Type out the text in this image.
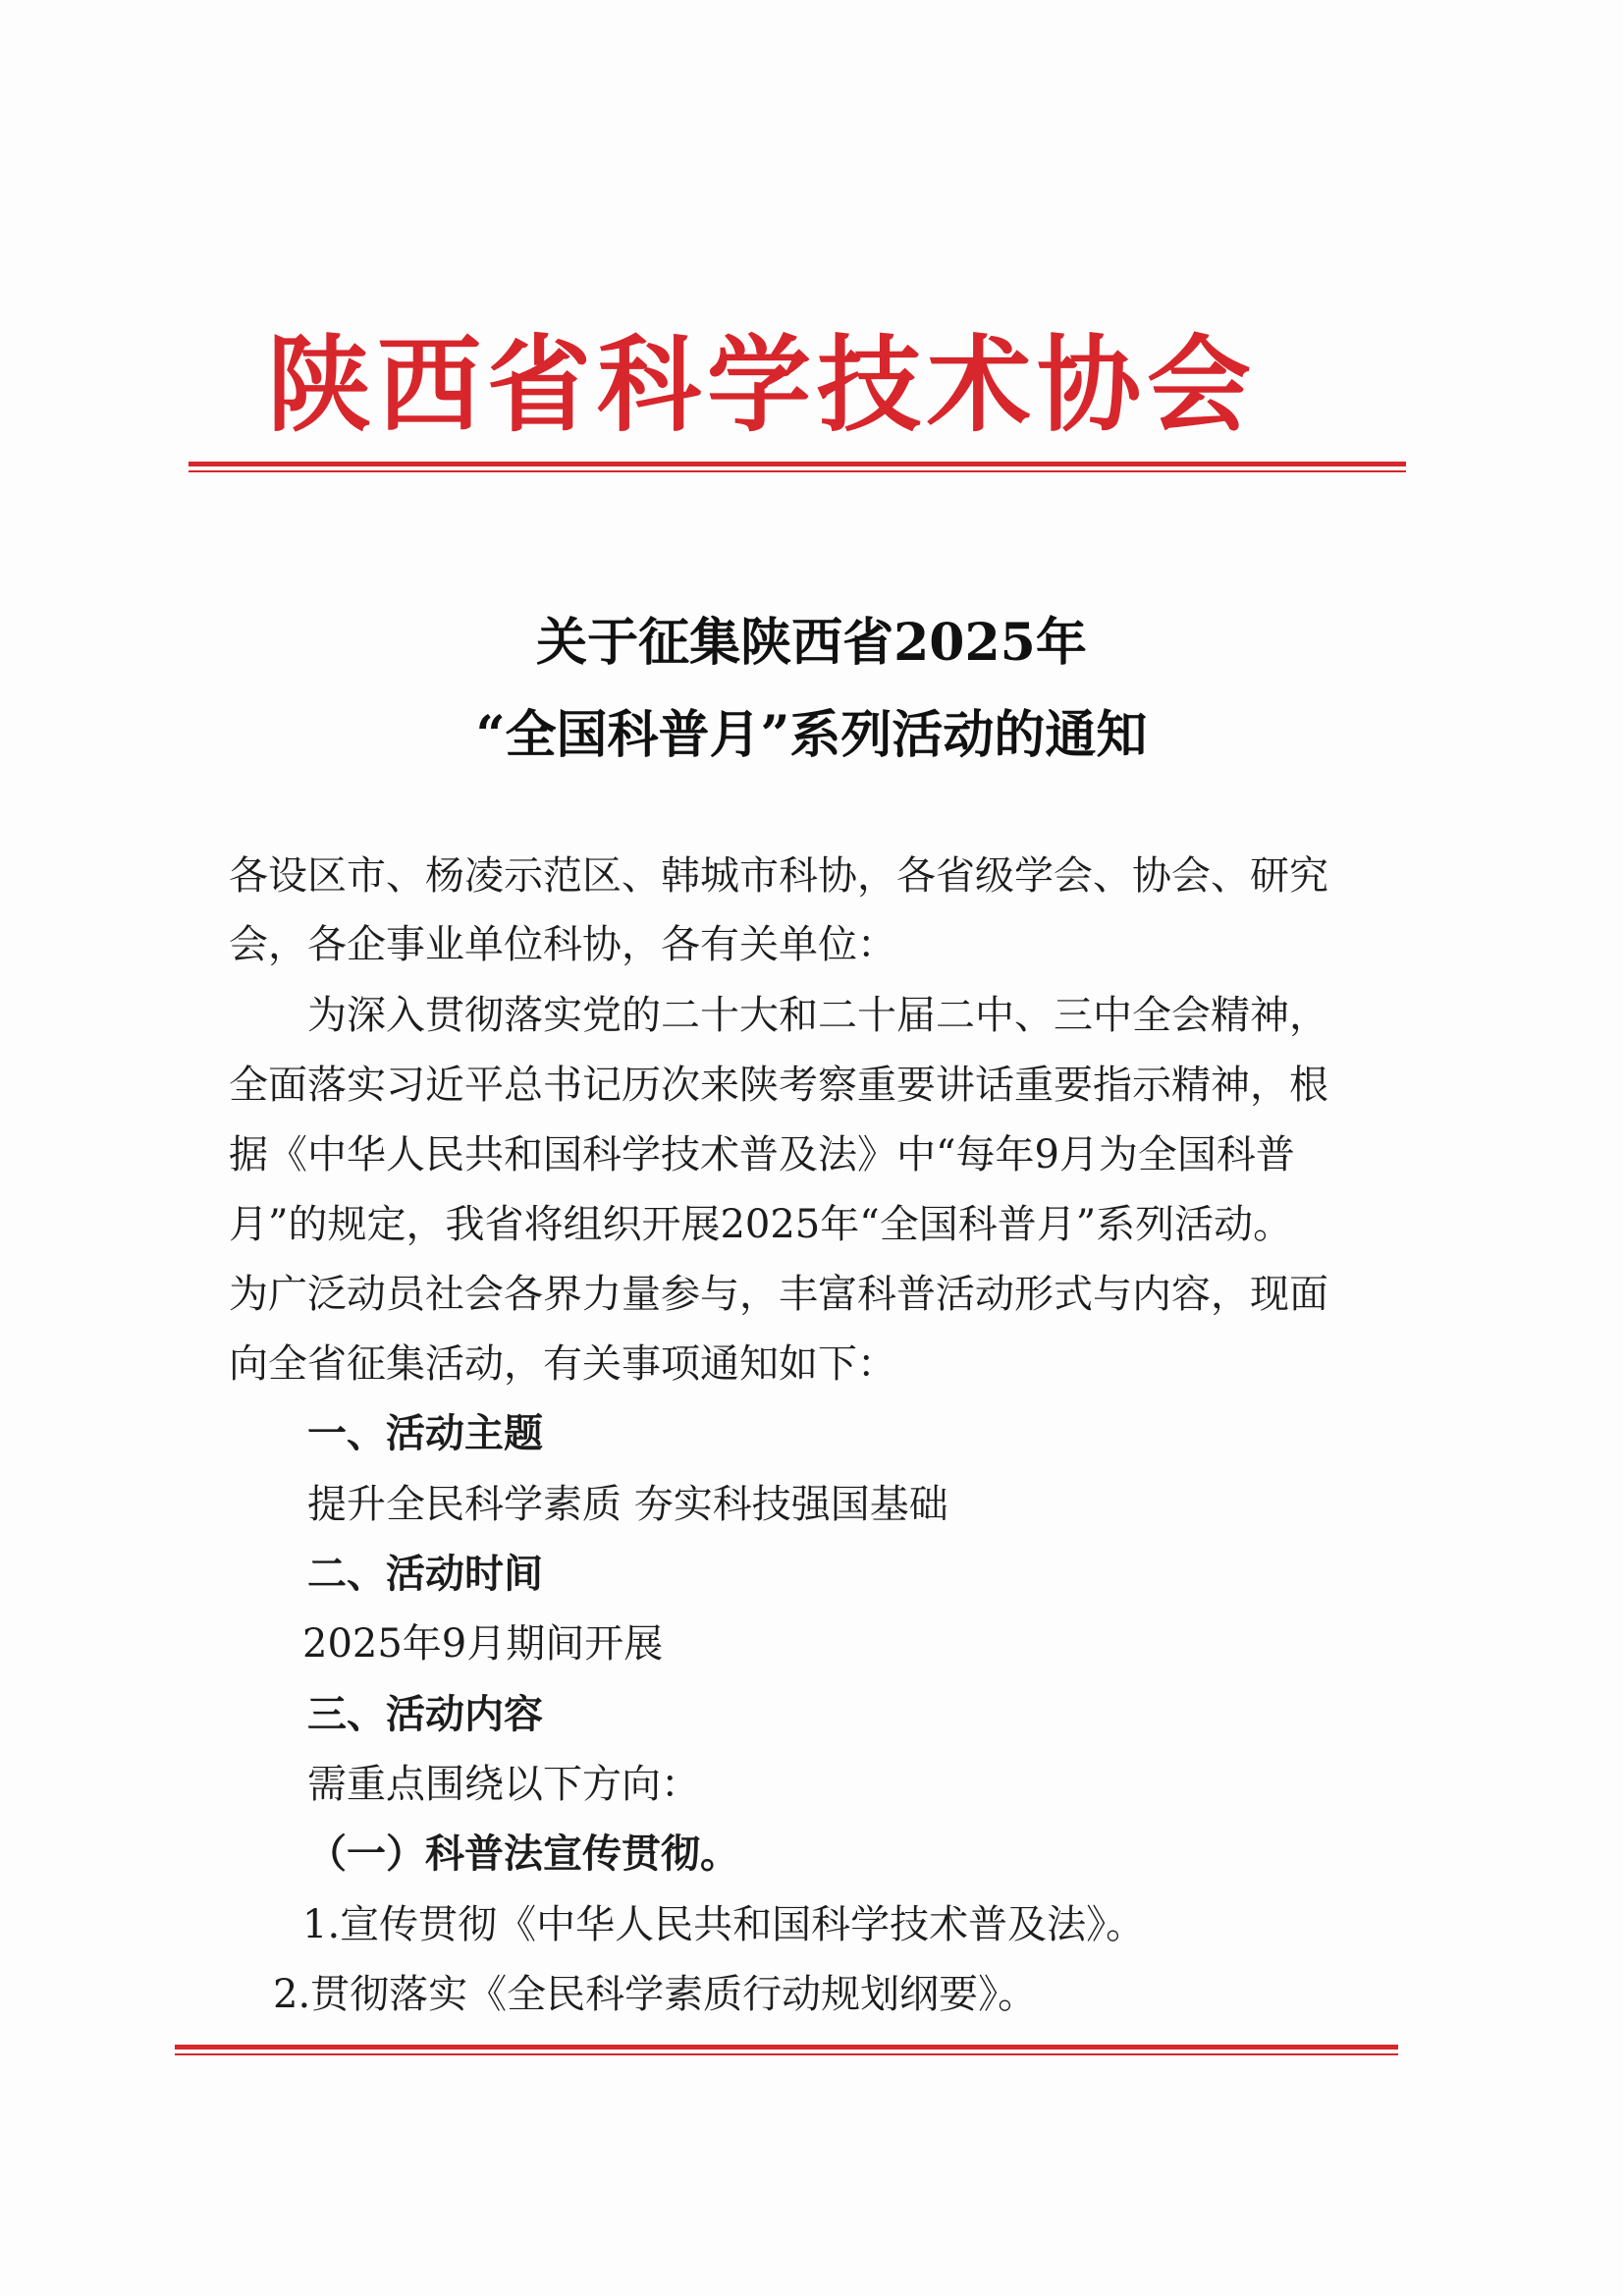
陕西省科学技术协会
关于征集陕西省2025年
“全国科普月”系列活动的通知
各设区市、杨凌示范区、韩城市科协，各省级学会、协会、研究
会，各企事业单位科协，各有关单位：
为深入贯彻落实党的二十大和二十届二中、三中全会精神，
全面落实习近平总书记历次来陕考察重要讲话重要指示精神，根
据《中华人民共和国科学技术普及法》中“每年9月为全国科普
月”的规定，我省将组织开展2025年“全国科普月”系列活动。
为广泛动员社会各界力量参与，丰富科普活动形式与内容，现面
向全省征集活动，有关事项通知如下：
一、活动主题
提升全民科学素质 夯实科技强国基础
二、活动时间
2025年9月期间开展
三、活动内容
需重点围绕以下方向：
（一）科普法宣传贯彻。
1.宣传贯彻《中华人民共和国科学技术普及法》。
2.贯彻落实《全民科学素质行动规划纲要》。
